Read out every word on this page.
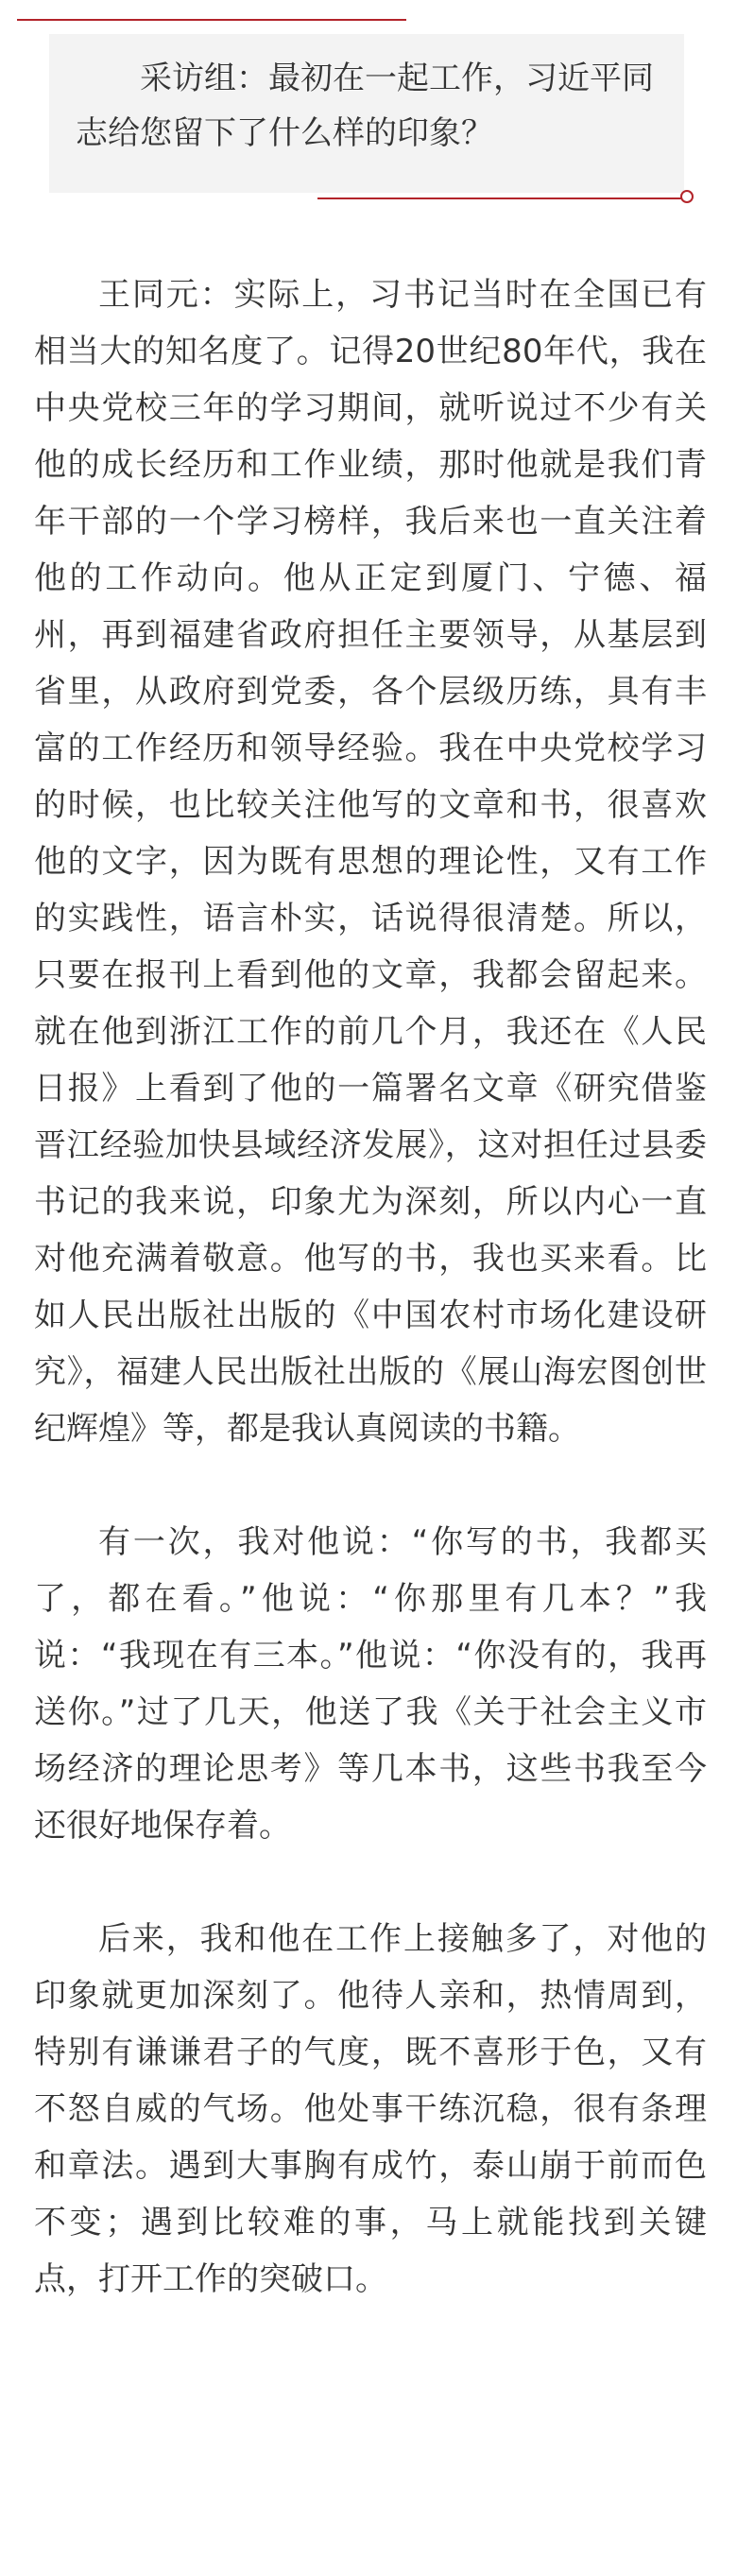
采访组：最初在一起工作，习近平同志给您留下了什么样的印象？

王同元：实际上，习书记当时在全国已有相当大的知名度了。记得20世纪80年代，我在中央党校三年的学习期间，就听说过不少有关他的成长经历和工作业绩，那时他就是我们青年干部的一个学习榜样，我后来也一直关注着他的工作动向。他从正定到厦门、宁德、福州，再到福建省政府担任主要领导，从基层到省里，从政府到党委，各个层级历练，具有丰富的工作经历和领导经验。我在中央党校学习的时候，也比较关注他写的文章和书，很喜欢他的文字，因为既有思想的理论性，又有工作的实践性，语言朴实，话说得很清楚。所以，只要在报刊上看到他的文章，我都会留起来。就在他到浙江工作的前几个月，我还在《人民日报》上看到了他的一篇署名文章《研究借鉴晋江经验加快县域经济发展》，这对担任过县委书记的我来说，印象尤为深刻，所以内心一直对他充满着敬意。他写的书，我也买来看。比如人民出版社出版的《中国农村市场化建设研究》，福建人民出版社出版的《展山海宏图创世纪辉煌》等，都是我认真阅读的书籍。

有一次，我对他说：“你写的书，我都买了，都在看。”他说：“你那里有几本？”我说：“我现在有三本。”他说：“你没有的，我再送你。”过了几天，他送了我《关于社会主义市场经济的理论思考》等几本书，这些书我至今还很好地保存着。

后来，我和他在工作上接触多了，对他的印象就更加深刻了。他待人亲和，热情周到，特别有谦谦君子的气度，既不喜形于色，又有不怒自威的气场。他处事干练沉稳，很有条理和章法。遇到大事胸有成竹，泰山崩于前而色不变；遇到比较难的事，马上就能找到关键点，打开工作的突破口。
